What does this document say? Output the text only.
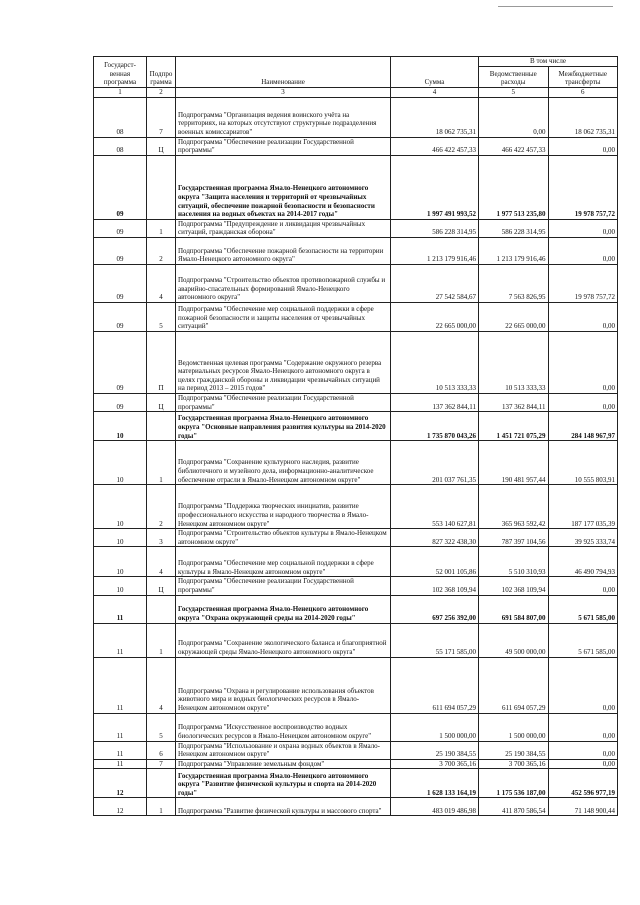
Государст-венная программа	Подпро грамма	Наименование	Сумма	В том числе	
				Ведомственные расходы	Межбюджетные трансферты
1	2	3	4	5	6
08	7	Подпрограмма "Организация ведения воинского учёта на территориях, на которых отсутствуют структурные подразделения военных комиссариатов"	18 062 735,31	0,00	18 062 735,31
08	Ц	Подпрограмма "Обеспечение реализации Государственной программы"	466 422 457,33	466 422 457,33	0,00
09		Государственная программа Ямало-Ненецкого автономного округа "Защита населения и территорий от чрезвычайных ситуаций, обеспечение пожарной безопасности и безопасности населения на водных объектах на 2014-2017 годы"	1 997 491 993,52	1 977 513 235,80	19 978 757,72
09	1	Подпрограмма "Предупреждение и ликвидация чрезвычайных ситуаций, гражданская оборона"	586 228 314,95	586 228 314,95	0,00
09	2	Подпрограмма "Обеспечение пожарной безопасности на территории Ямало-Ненецкого автономного округа"	1 213 179 916,46	1 213 179 916,46	0,00
09	4	Подпрограмма "Строительство объектов противопожарной службы и аварийно-спасательных формирований Ямало-Ненецкого автономного округа"	27 542 584,67	7 563 826,95	19 978 757,72
09	5	Подпрограмма "Обеспечение мер социальной поддержки в сфере пожарной безопасности и защиты населения от чрезвычайных ситуаций"	22 665 000,00	22 665 000,00	0,00
09	П	Ведомственная целевая программа "Содержание окружного резерва материальных ресурсов Ямало-Ненецкого автономного округа в целях гражданской обороны и ликвидации чрезвычайных ситуаций на период 2013 – 2015 годов"	10 513 333,33	10 513 333,33	0,00
09	Ц	Подпрограмма "Обеспечение реализации Государственной программы"	137 362 844,11	137 362 844,11	0,00
10		Государственная программа Ямало-Ненецкого автономного округа "Основные направления развития культуры на 2014-2020 годы"	1 735 870 043,26	1 451 721 075,29	284 148 967,97
10	1	Подпрограмма "Сохранение культурного наследия, развитие библиотечного и музейного дела, информационно-аналитическое обеспечение отрасли в Ямало-Ненецком автономном округе"	201 037 761,35	190 481 957,44	10 555 803,91
10	2	Подпрограмма "Поддержка творческих инициатив, развитие профессионального искусства и народного творчества в Ямало-Ненецком автономном округе"	553 140 627,81	365 963 592,42	187 177 035,39
10	3	Подпрограмма "Строительство объектов культуры в Ямало-Ненецком автономном округе"	827 322 438,30	787 397 104,56	39 925 333,74
10	4	Подпрограмма "Обеспечение мер социальной поддержки в сфере культуры в Ямало-Ненецком автономном округе"	52 001 105,86	5 510 310,93	46 490 794,93
10	Ц	Подпрограмма "Обеспечение реализации Государственной программы"	102 368 109,94	102 368 109,94	0,00
11		Государственная программа Ямало-Ненецкого автономного округа "Охрана окружающей среды на 2014-2020 годы"	697 256 392,00	691 584 807,00	5 671 585,00
11	1	Подпрограмма "Сохранение экологического баланса и благоприятной окружающей среды Ямало-Ненецкого автономного округа"	55 171 585,00	49 500 000,00	5 671 585,00
11	4	Подпрограмма "Охрана и регулирование использования объектов животного мира и водных биологических ресурсов в Ямало-Ненецком автономном округе"	611 694 057,29	611 694 057,29	0,00
11	5	Подпрограмма "Искусственное воспроизводство водных биологических ресурсов в Ямало-Ненецком автономном округе"	1 500 000,00	1 500 000,00	0,00
11	6	Подпрограмма "Использование и охрана водных объектов в Ямало-Ненецком автономном округе"	25 190 384,55	25 190 384,55	0,00
11	7	Подпрограмма "Управление земельным фондом"	3 700 365,16	3 700 365,16	0,00
12		Государственная программа Ямало-Ненецкого автономного округа "Развитие физической культуры и спорта на 2014-2020 годы"	1 628 133 164,19	1 175 536 187,00	452 596 977,19
12	1	Подпрограмма "Развитие физической культуры и массового спорта"	483 019 486,98	411 870 586,54	71 148 900,44
